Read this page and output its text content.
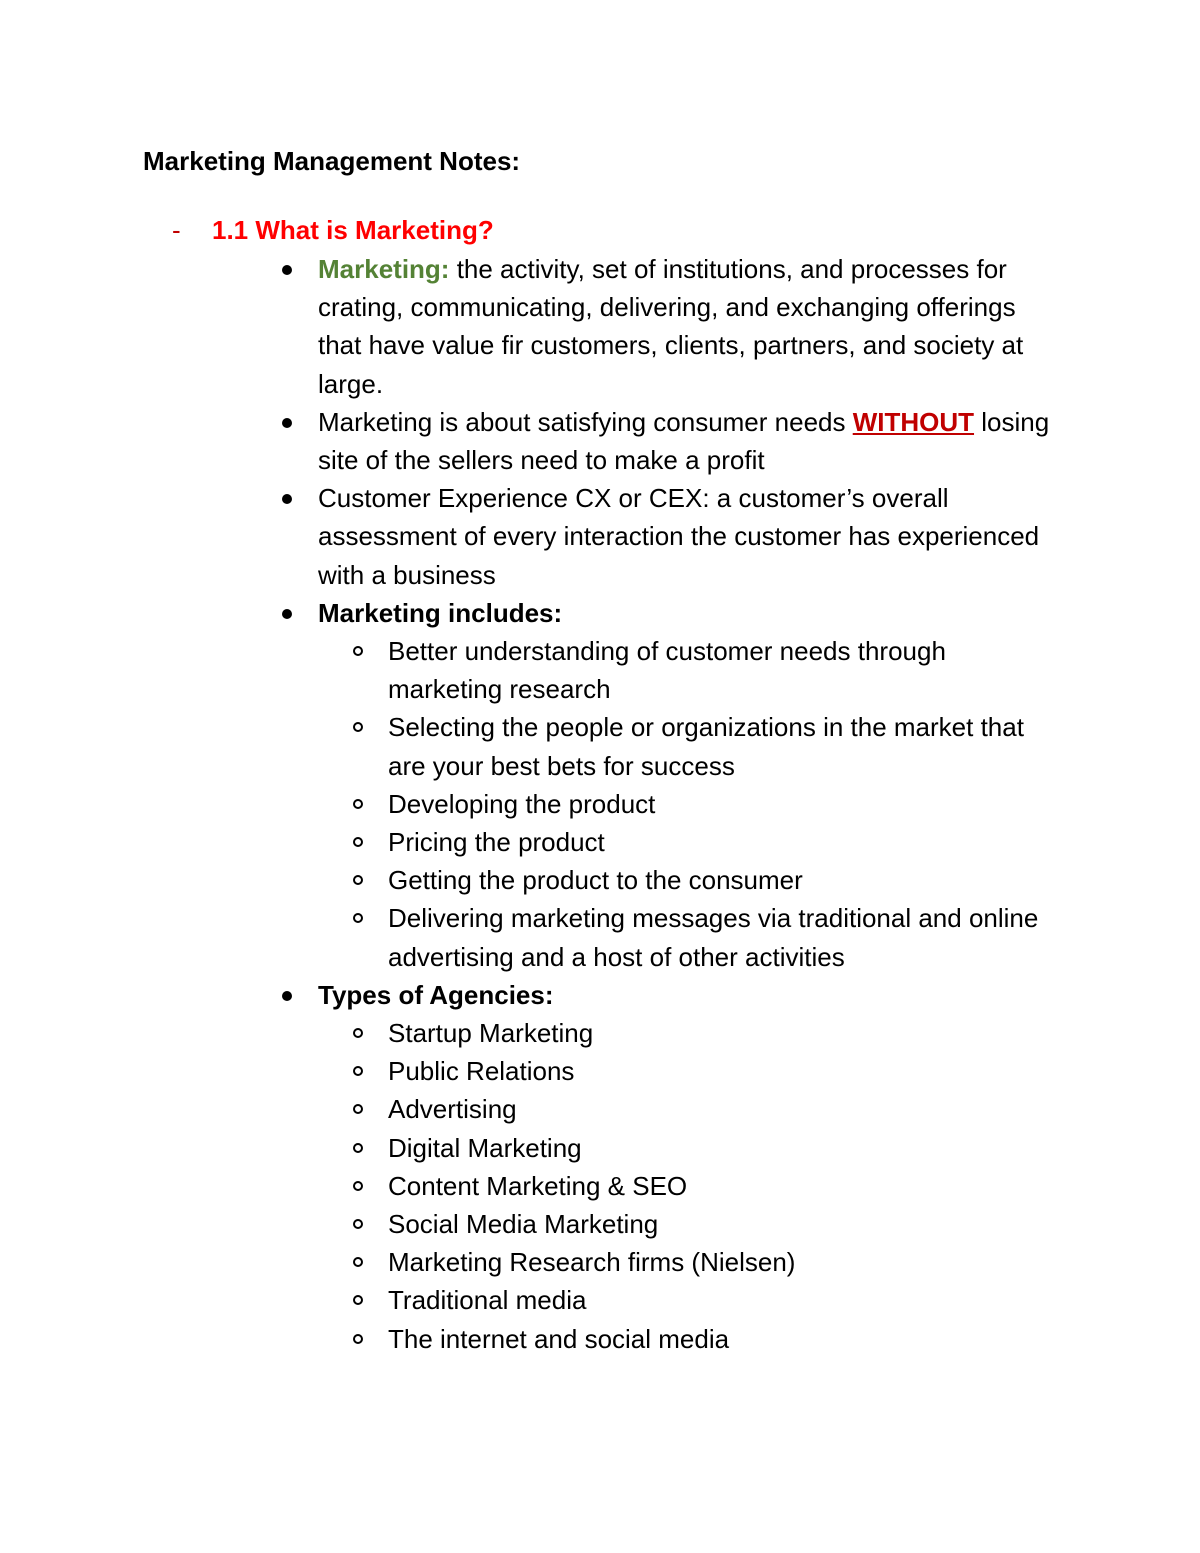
Marketing Management Notes:
- 1.1 What is Marketing?
Marketing: the activity, set of institutions, and processes for crating, communicating, delivering, and exchanging offerings that have value fir customers, clients, partners, and society at large.
Marketing is about satisfying consumer needs WITHOUT losing site of the sellers need to make a profit
Customer Experience CX or CEX: a customer’s overall assessment of every interaction the customer has experienced with a business
Marketing includes:
Better understanding of customer needs through marketing research
Selecting the people or organizations in the market that are your best bets for success
Developing the product
Pricing the product
Getting the product to the consumer
Delivering marketing messages via traditional and online advertising and a host of other activities
Types of Agencies:
Startup Marketing
Public Relations
Advertising
Digital Marketing
Content Marketing & SEO
Social Media Marketing
Marketing Research firms (Nielsen)
Traditional media
The internet and social media
